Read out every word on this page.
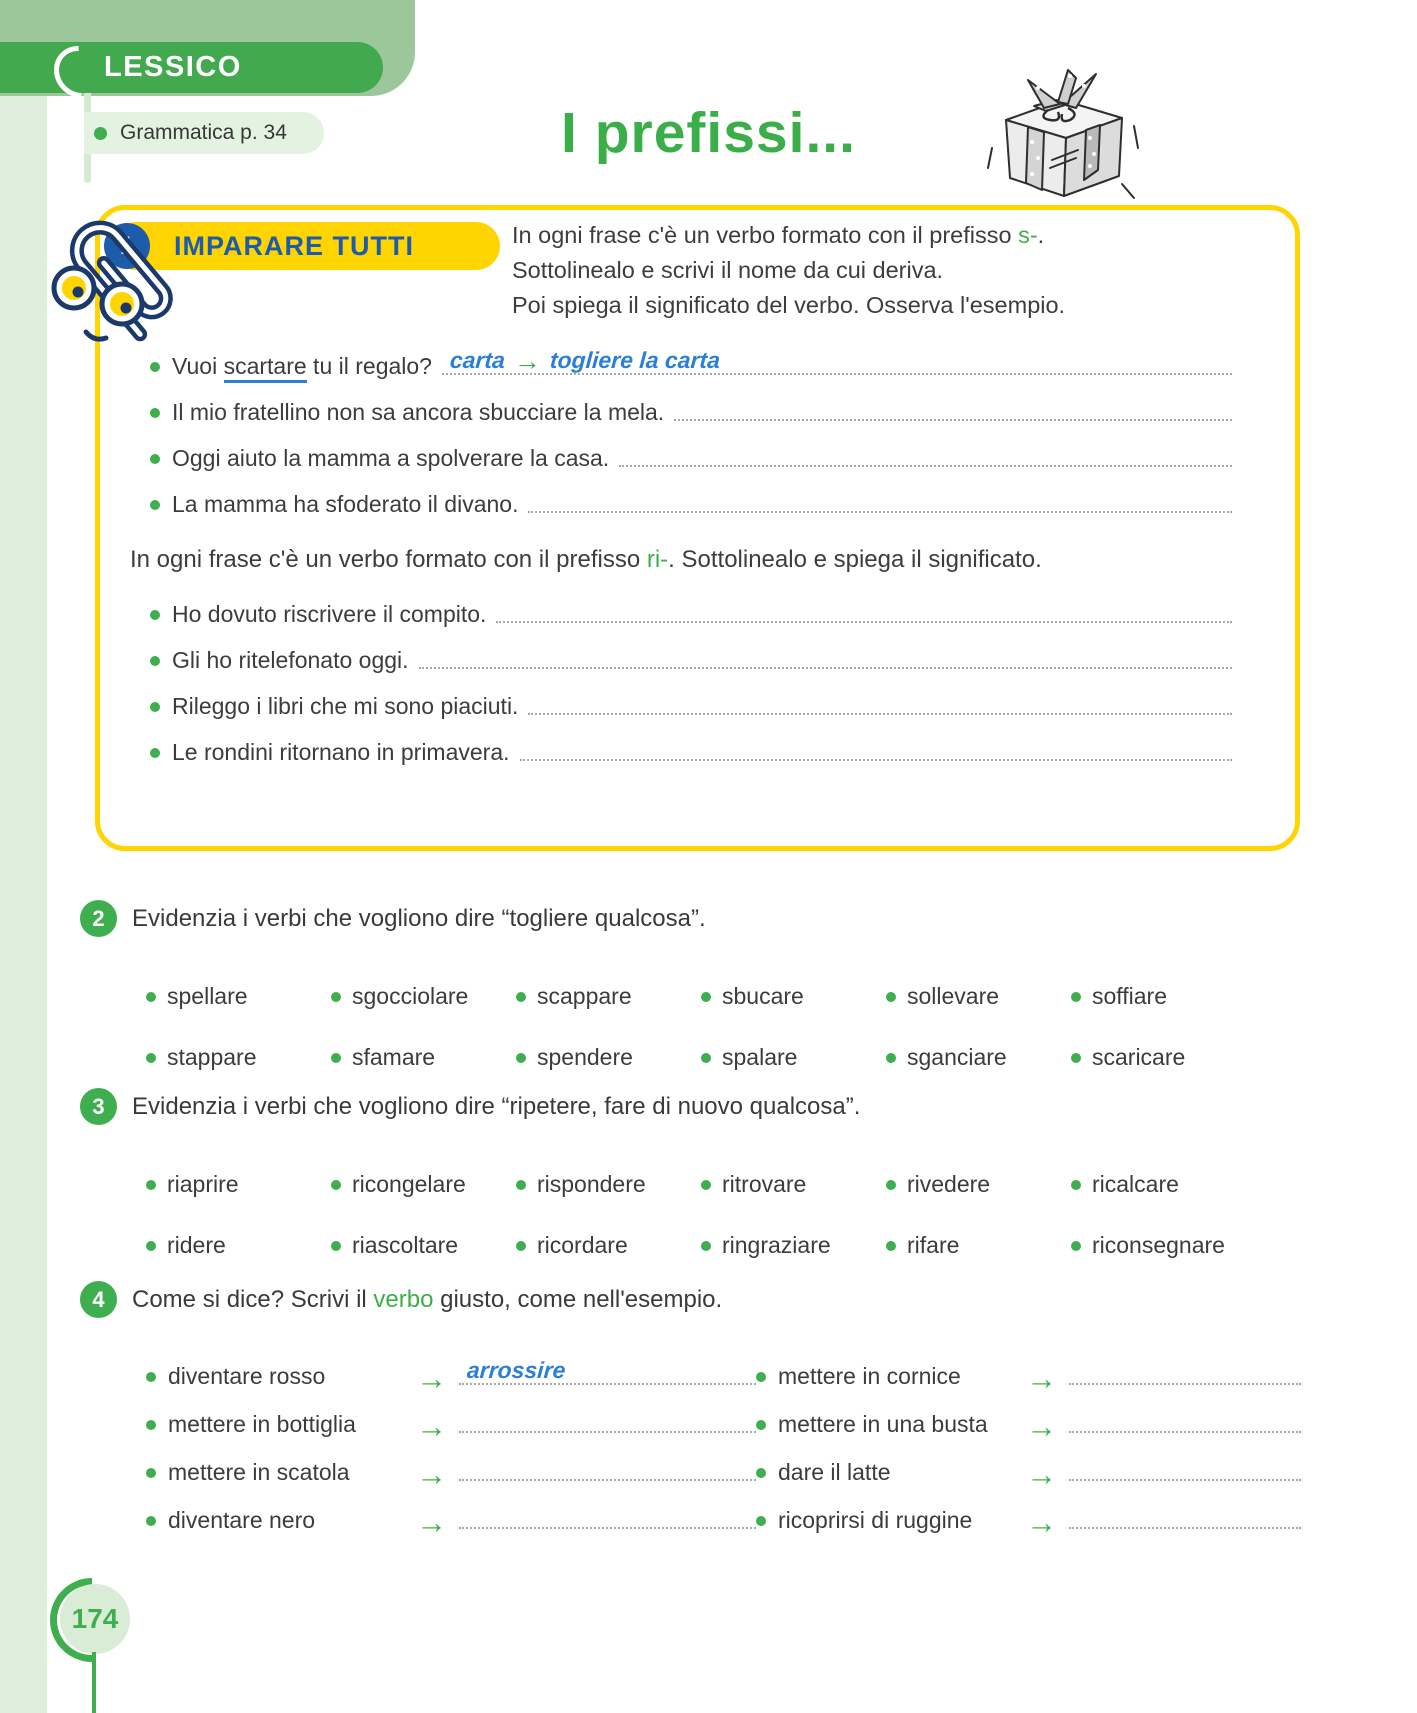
LESSICO
Grammatica p. 34	I prefissi...
1 IMPARARE TUTTI	In ogni frase c'è un verbo formato con il prefisso s-.
Sottolinealo e scrivi il nome da cui deriva.
Poi spiega il significato del verbo. Osserva l'esempio.
Vuoi scartare tu il regalo? carta → togliere la carta
Il mio fratellino non sa ancora sbucciare la mela.
Oggi aiuto la mamma a spolverare la casa.
La mamma ha sfoderato il divano.
In ogni frase c'è un verbo formato con il prefisso ri-. Sottolinealo e spiega il significato.
Ho dovuto riscrivere il compito.
Gli ho ritelefonato oggi.
Rileggo i libri che mi sono piaciuti.
Le rondini ritornano in primavera.
2 Evidenzia i verbi che vogliono dire “togliere qualcosa”.
spellare	sgocciolare	scappare	sbucare	sollevare	soffiare
stappare	sfamare	spendere	spalare	sganciare	scaricare
3 Evidenzia i verbi che vogliono dire “ripetere, fare di nuovo qualcosa”.
riaprire	ricongelare	rispondere	ritrovare	rivedere	ricalcare
ridere	riascoltare	ricordare	ringraziare	rifare	riconsegnare
4 Come si dice? Scrivi il verbo giusto, come nell'esempio.
diventare rosso	→ arrossire	mettere in cornice	→
mettere in bottiglia	→	mettere in una busta	→
mettere in scatola	→	dare il latte	→
diventare nero	→	ricoprirsi di ruggine	→
174
